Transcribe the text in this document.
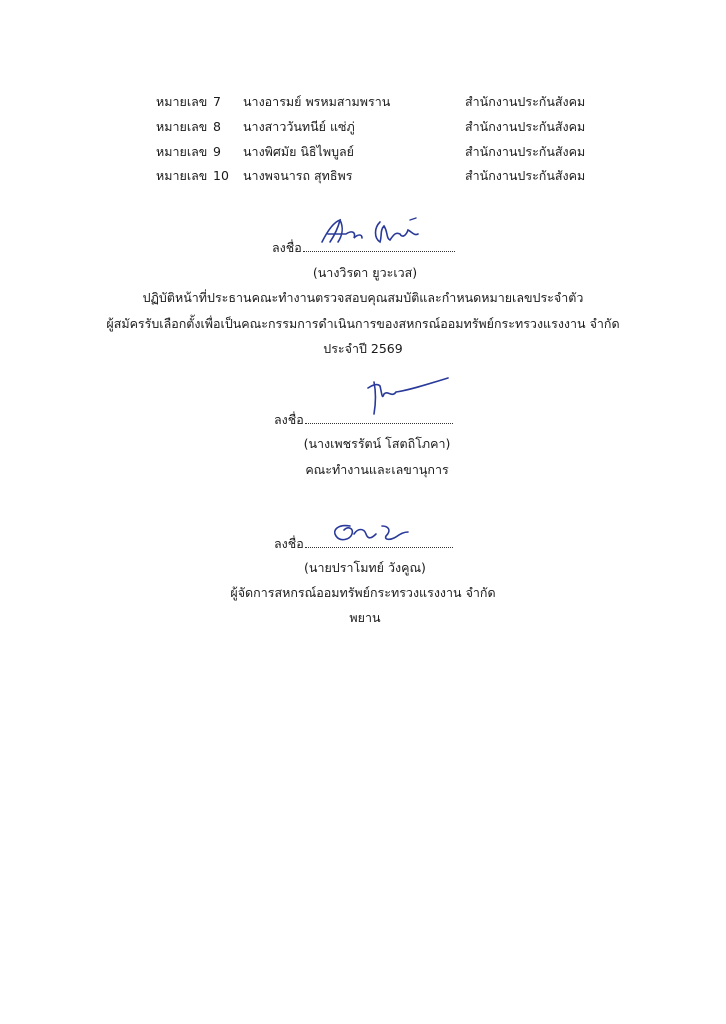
หมายเลข 7 นางอารมย์ พรหมสามพราน	สำนักงานประกันสังคม
หมายเลข 8 นางสาววันทนีย์ แซ่ภู่	สำนักงานประกันสังคม
หมายเลข 9 นางพิศมัย นิธิไพบูลย์	สำนักงานประกันสังคม
หมายเลข 10 นางพจนารถ สุทธิพร	สำนักงานประกันสังคม
ลงชื่อ
(นางวิรดา ยูวะเวส)
ปฏิบัติหน้าที่ประธานคณะทำงานตรวจสอบคุณสมบัติและกำหนดหมายเลขประจำตัว
ผู้สมัครรับเลือกตั้งเพื่อเป็นคณะกรรมการดำเนินการของสหกรณ์ออมทรัพย์กระทรวงแรงงาน จำกัด
ประจำปี 2569
ลงชื่อ
(นางเพชรรัตน์ โสตถิโภคา)
คณะทำงานและเลขานุการ
ลงชื่อ
(นายปราโมทย์ วังคูณ)
ผู้จัดการสหกรณ์ออมทรัพย์กระทรวงแรงงาน จำกัด
พยาน
